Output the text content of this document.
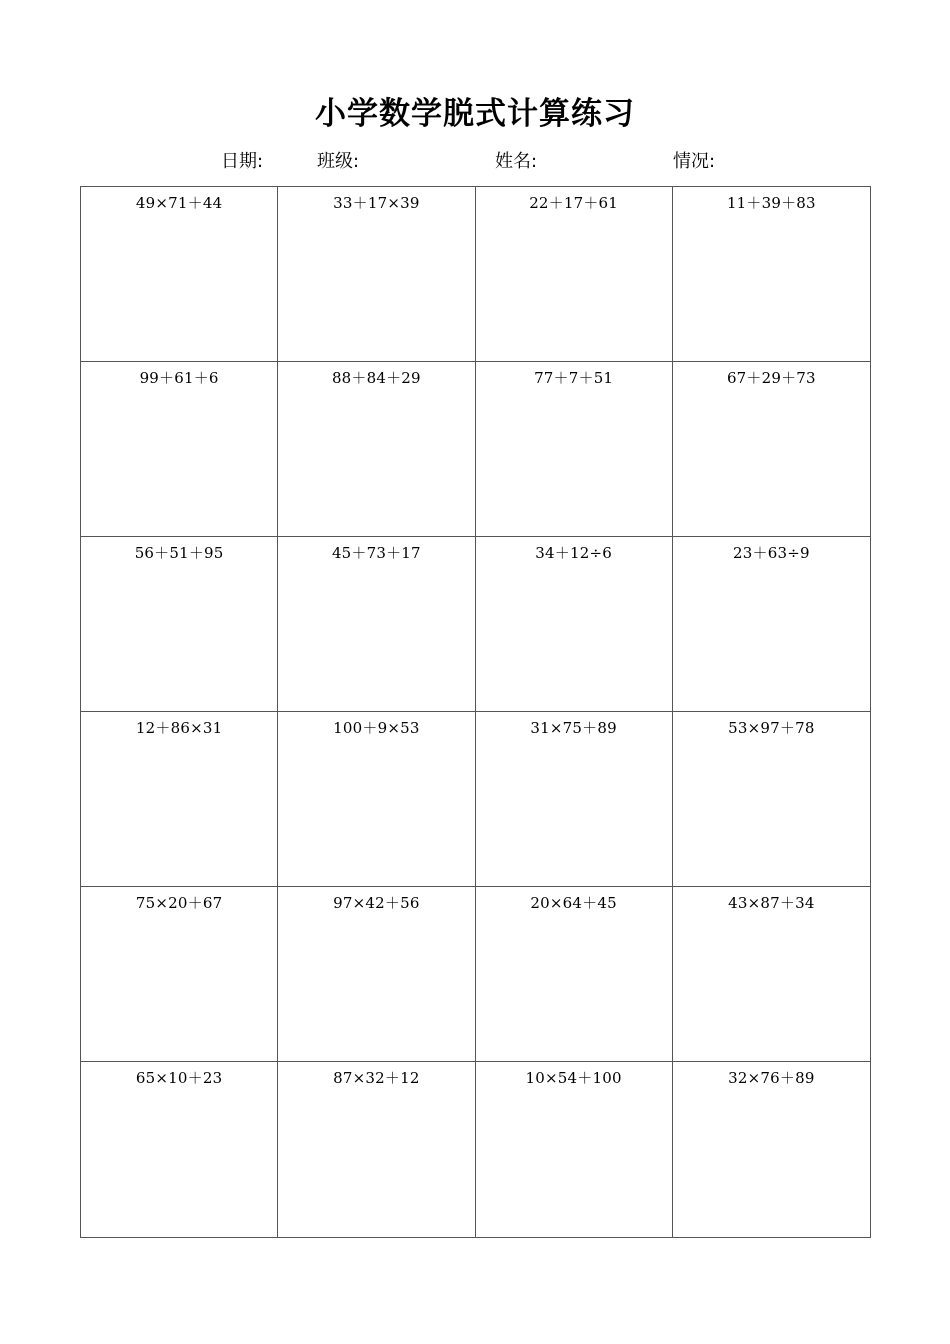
小学数学脱式计算练习
日期:	班级:	姓名:	情况:
49×71＋44	33＋17×39	22＋17＋61	11＋39＋83
99＋61＋6	88＋84＋29	77＋7＋51	67＋29＋73
56＋51＋95	45＋73＋17	34＋12÷6	23＋63÷9
12＋86×31	100＋9×53	31×75＋89	53×97＋78
75×20＋67	97×42＋56	20×64＋45	43×87＋34
65×10＋23	87×32＋12	10×54＋100	32×76＋89
